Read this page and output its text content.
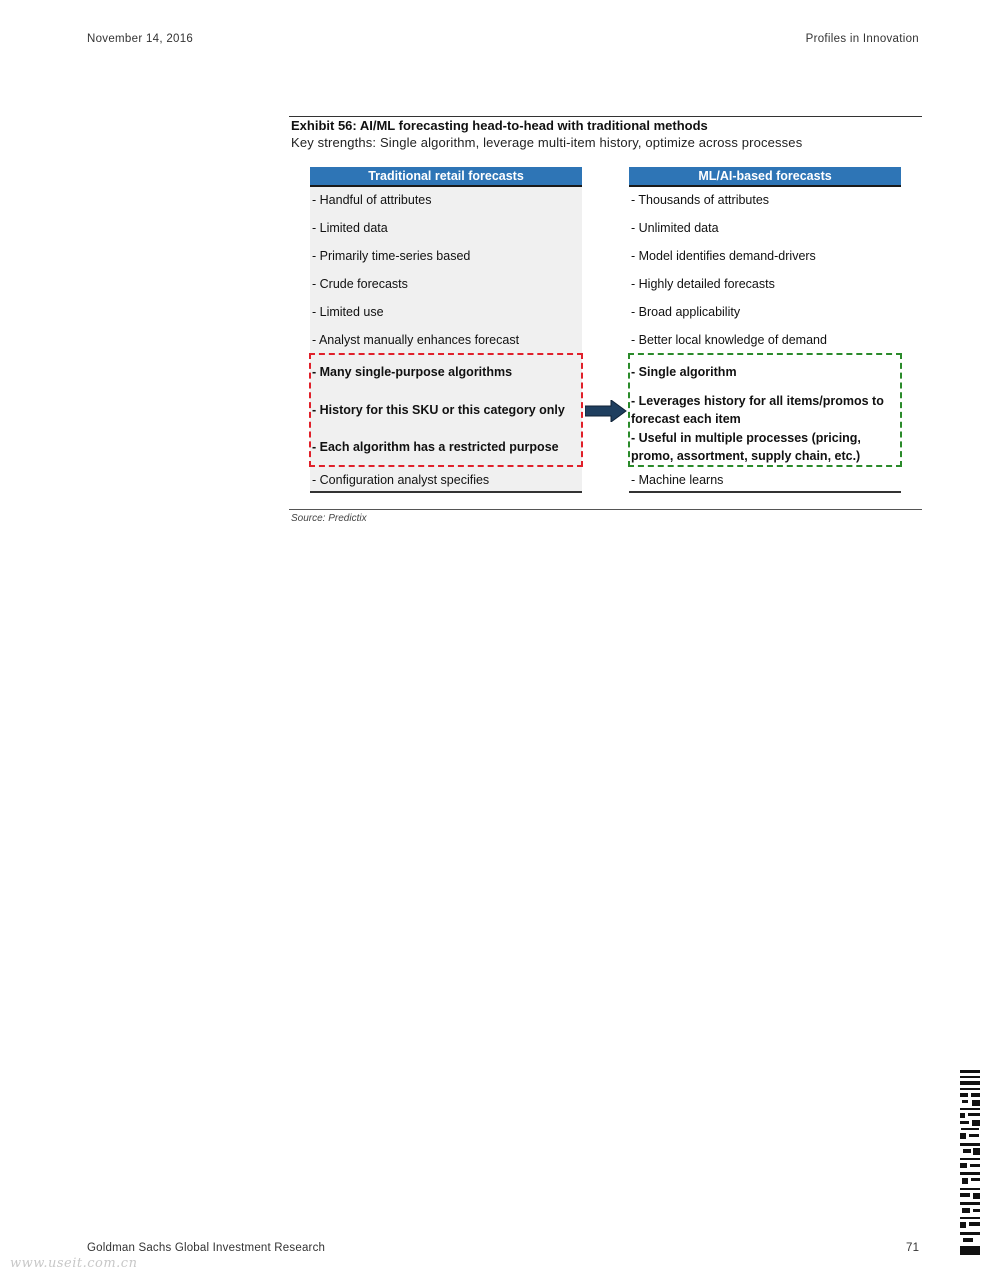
November 14, 2016	Profiles in Innovation
Exhibit 56: AI/ML forecasting head-to-head with traditional methods
Key strengths: Single algorithm, leverage multi-item history, optimize across processes
Traditional retail forecasts
- Handful of attributes
- Limited data
- Primarily time-series based
- Crude forecasts
- Limited use
- Analyst manually enhances forecast
- Many single-purpose algorithms
- History for this SKU or this category only
- Each algorithm has a restricted purpose
- Configuration analyst specifies
ML/AI-based forecasts
- Thousands of attributes
- Unlimited data
- Model identifies demand-drivers
- Highly detailed forecasts
- Broad applicability
- Better local knowledge of demand
- Single algorithm
- Leverages history for all items/promos to forecast each item
- Useful in multiple processes (pricing, promo, assortment, supply chain, etc.)
- Machine learns
Source: Predictix
Goldman Sachs Global Investment Research	71
www.useit.com.cn
